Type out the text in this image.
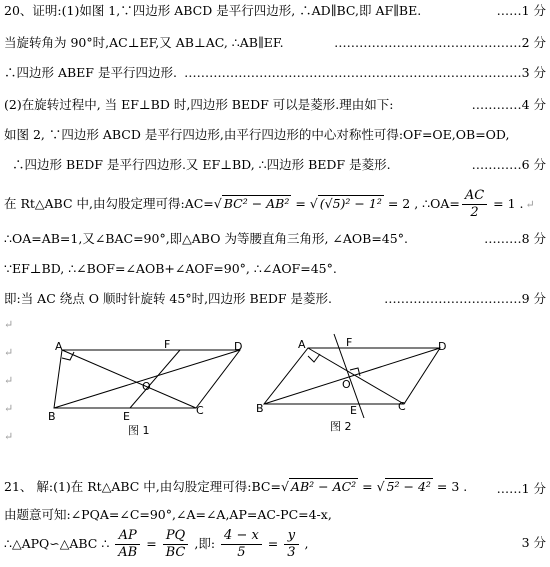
20、证明:(1)如图 1,∵四边形 ABCD 是平行四边形, ∴AD∥BC,即 AF∥BE.	……1 分
当旋转角为 90°时,AC⊥EF,又 AB⊥AC, ∴AB∥EF.	………………………………………2 分
∴四边形 ABEF 是平行四边形. ………………………………………………………………………3 分
(2)在旋转过程中, 当 EF⊥BD 时,四边形 BEDF 可以是菱形.理由如下:	…………4 分
如图 2, ∵四边形 ABCD 是平行四边形,由平行四边形的中心对称性可得:OF=OE,OB=OD,
∴四边形 BEDF 是平行四边形.又 EF⊥BD, ∴四边形 BEDF 是菱形.	…………6 分
在 Rt△ABC 中,由勾股定理可得:AC=√ BC² − AB² = √ (√5)² − 1² = 2 , ∴OA= $\frac{AC}{2} = 1$ . ↵
∴OA=AB=1,又∠BAC=90°,即△ABO 为等腰直角三角形, ∠AOB=45°.	………8 分
∵EF⊥BD, ∴∠BOF=∠AOB+∠AOF=90°, ∴∠AOF=45°.
即:当 AC 绕点 O 顺时针旋转 45°时,四边形 BEDF 是菱形.	……………………………9 分
↵
↵
↵
↵
↵
A	F	D
O
B	E	C
图 1
A	F	D
O
B	E	C
图 2
21、 解:(1)在 Rt△ABC 中,由勾股定理可得:BC=√ AB² − AC² = √ 5² − 4² = 3 . ……1 分
由题意可知:∠PQA=∠C=90°,∠A=∠A,AP=AC-PC=4-x,
∴△APQ∽△ABC ∴ $\frac{AP}{AB} = \frac{PQ}{BC}$ ,即: $\frac{4 - x}{5} = \frac{y}{3}$ ,	3 分
